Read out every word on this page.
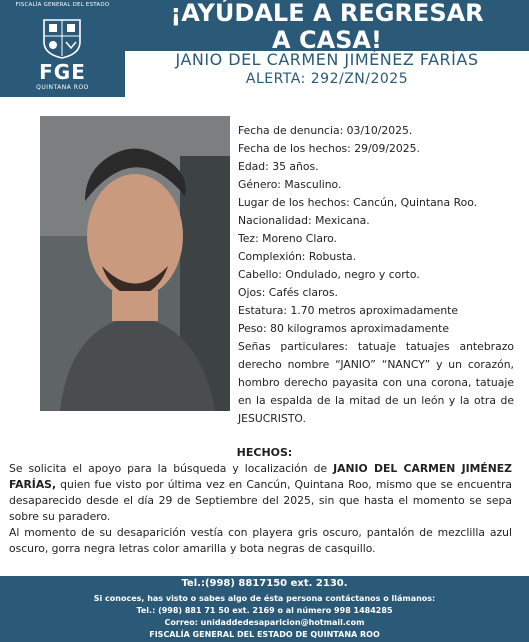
FISCALÍA GENERAL DEL ESTADO
FGE
QUINTANA ROO
¡AYÚDALE A REGRESAR
A CASA!
JANIO DEL CARMEN JIMÉNEZ FARÍAS
ALERTA: 292/ZN/2025
Fecha de denuncia: 03/10/2025.
Fecha de los hechos: 29/09/2025.
Edad: 35 años.
Género: Masculino.
Lugar de los hechos: Cancún, Quintana Roo.
Nacionalidad: Mexicana.
Tez: Moreno Claro.
Complexión: Robusta.
Cabello: Ondulado, negro y corto.
Ojos: Cafés claros.
Estatura: 1.70 metros aproximadamente
Peso: 80 kilogramos aproximadamente
Señas particulares: tatuaje tatuajes antebrazo derecho nombre “JANIO” “NANCY” y un corazón, hombro derecho payasita con una corona, tatuaje en la espalda de la mitad de un león y la otra de JESUCRISTO.
HECHOS:
Se solicita el apoyo para la búsqueda y localización de JANIO DEL CARMEN JIMÉNEZ FARÍAS, quien fue visto por última vez en Cancún, Quintana Roo, mismo que se encuentra desaparecido desde el día 29 de Septiembre del 2025, sin que hasta el momento se sepa sobre su paradero.
Al momento de su desaparición vestía con playera gris oscuro, pantalón de mezclilla azul oscuro, gorra negra letras color amarilla y bota negras de casquillo.
Tel.:(998) 8817150 ext. 2130.
Si conoces, has visto o sabes algo de ésta persona contáctanos o llámanos:
Tel.: (998) 881 71 50 ext. 2169 o al número 998 1484285
Correo: unidaddedesaparicion@hotmail.com
FISCALÍA GENERAL DEL ESTADO DE QUINTANA ROO
